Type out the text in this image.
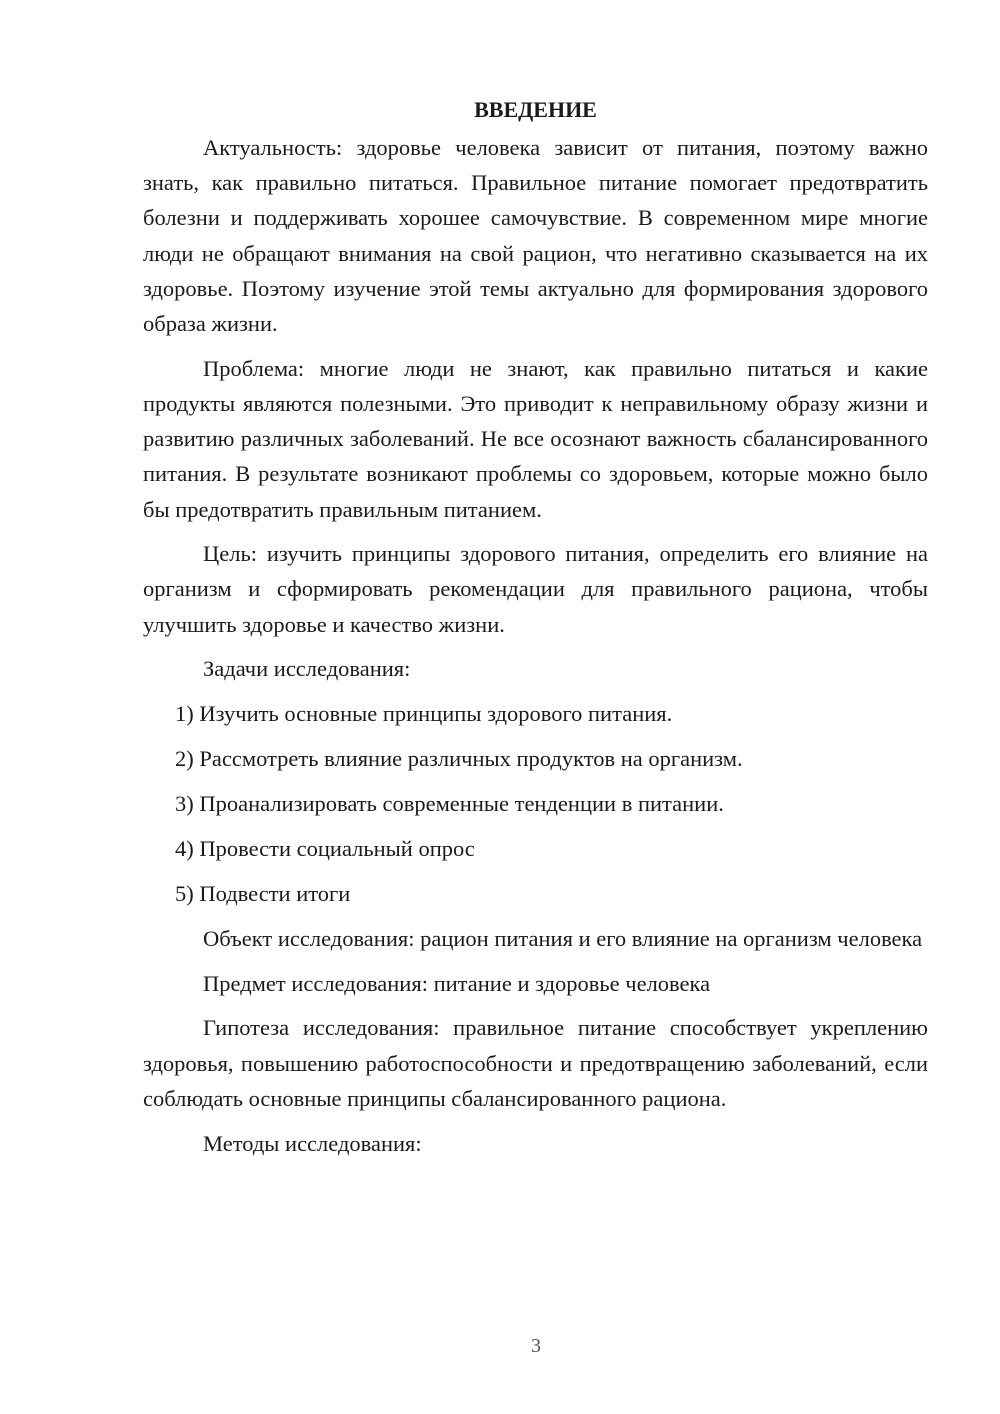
ВВЕДЕНИЕ

Актуальность: здоровье человека зависит от питания, поэтому важно знать, как правильно питаться. Правильное питание помогает предотвратить болезни и поддерживать хорошее самочувствие. В современном мире многие люди не обращают внимания на свой рацион, что негативно сказывается на их здоровье. Поэтому изучение этой темы актуально для формирования здорового образа жизни.

Проблема: многие люди не знают, как правильно питаться и какие продукты являются полезными. Это приводит к неправильному образу жизни и развитию различных заболеваний. Не все осознают важность сбалансированного питания. В результате возникают проблемы со здоровьем, которые можно было бы предотвратить правильным питанием.

Цель: изучить принципы здорового питания, определить его влияние на организм и сформировать рекомендации для правильного рациона, чтобы улучшить здоровье и качество жизни.

Задачи исследования:

1) Изучить основные принципы здорового питания.
2) Рассмотреть влияние различных продуктов на организм.
3) Проанализировать современные тенденции в питании.
4) Провести социальный опрос
5) Подвести итоги

Объект исследования: рацион питания и его влияние на организм человека

Предмет исследования: питание и здоровье человека

Гипотеза исследования: правильное питание способствует укреплению здоровья, повышению работоспособности и предотвращению заболеваний, если соблюдать основные принципы сбалансированного рациона.

Методы исследования:

3
